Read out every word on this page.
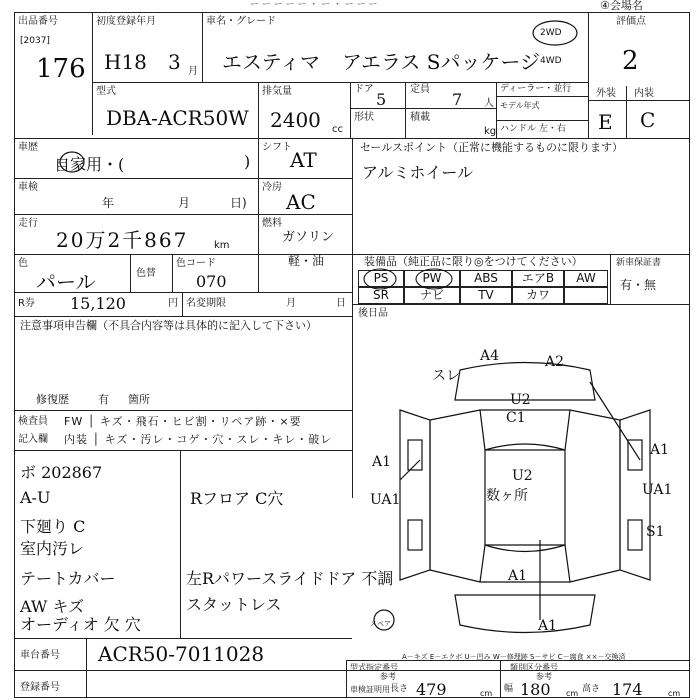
ー ー ー ー ー ・ ー ・ ー ー ー	④会場名
出品番号
[2037]
176
初度登録年月
H18 3 月
車名・グレード
エスティマ アエラス Sパッケージ
2WD
4WD
評価点
2
型式
DBA-ACR50W
排気量
2400 cc
ドア
5
定員
7 人
形状	積載
kg
ディーラー・並行
モデル年式
ハンドル 左・右
外装 内装
E C
車歴
自家用・(	)
車検
年	月	日)
走行
20万2千867	km
色
パール	色替
色コード
070
R券 15,120	円 名変期限	月	日
シフト
AT
冷房
AC
燃料
ガソリン
軽・油
セールスポイント（正常に機能するものに限ります）
アルミホイール
装備品（純正品に限り◎をつけてください）	新車保証書
有・無
PS	PW	ABS	エアB	AW
SR	ナビ	TV	カワ
後日品
注意事項申告欄（不具合内容等は具体的に記入して下さい）
修復歴	有 箇所
検査員
記入欄
FW │ キズ・飛石・ヒビ割・リペア跡・×要
内装 │ キズ・汚レ・コゲ・穴・スレ・キレ・破レ
ボ 202867
A-U
下廻り C
室内汚レ
テートカバー
AW キズ
オーディオ 欠 穴
Rフロア C穴
左Rパワースライドドア 不調
スタットレス
スレ
A4	A2
U2
C1
A1
UA1
A1
UA1
S1
U2
数ヶ所
A1
A1
スペア
A－キズ E－エクボ U－凹み W－修理跡 S－サビ C－腐食 ××－交換済
車台番号 ACR50-7011028
登録番号
型式指定番号
参考
類別区分番号
参考
車検証明用 長さ 479	cm 幅 180 cm 高さ 174	cm
